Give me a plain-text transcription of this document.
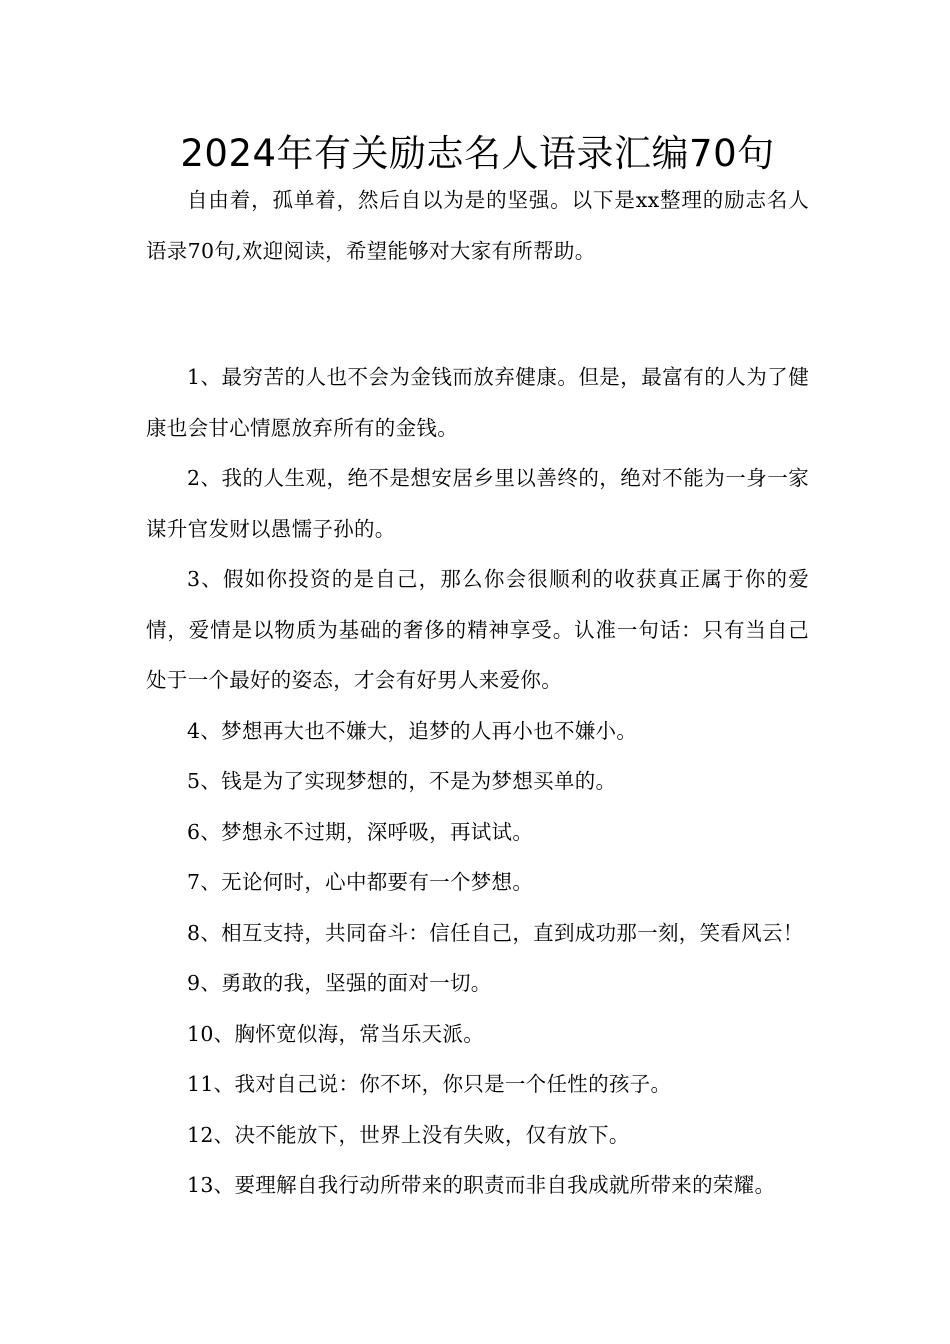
2024年有关励志名人语录汇编70句

自由着，孤单着，然后自以为是的坚强。以下是xx整理的励志名人语录70句,欢迎阅读，希望能够对大家有所帮助。

1、最穷苦的人也不会为金钱而放弃健康。但是，最富有的人为了健康也会甘心情愿放弃所有的金钱。

2、我的人生观，绝不是想安居乡里以善终的，绝对不能为一身一家谋升官发财以愚懦子孙的。

3、假如你投资的是自己，那么你会很顺利的收获真正属于你的爱情，爱情是以物质为基础的奢侈的精神享受。认准一句话：只有当自己处于一个最好的姿态，才会有好男人来爱你。

4、梦想再大也不嫌大，追梦的人再小也不嫌小。

5、钱是为了实现梦想的，不是为梦想买单的。

6、梦想永不过期，深呼吸，再试试。

7、无论何时，心中都要有一个梦想。

8、相互支持，共同奋斗：信任自己，直到成功那一刻，笑看风云！

9、勇敢的我，坚强的面对一切。

10、胸怀宽似海，常当乐天派。

11、我对自己说：你不坏，你只是一个任性的孩子。

12、决不能放下，世界上没有失败，仅有放下。

13、要理解自我行动所带来的职责而非自我成就所带来的荣耀。
